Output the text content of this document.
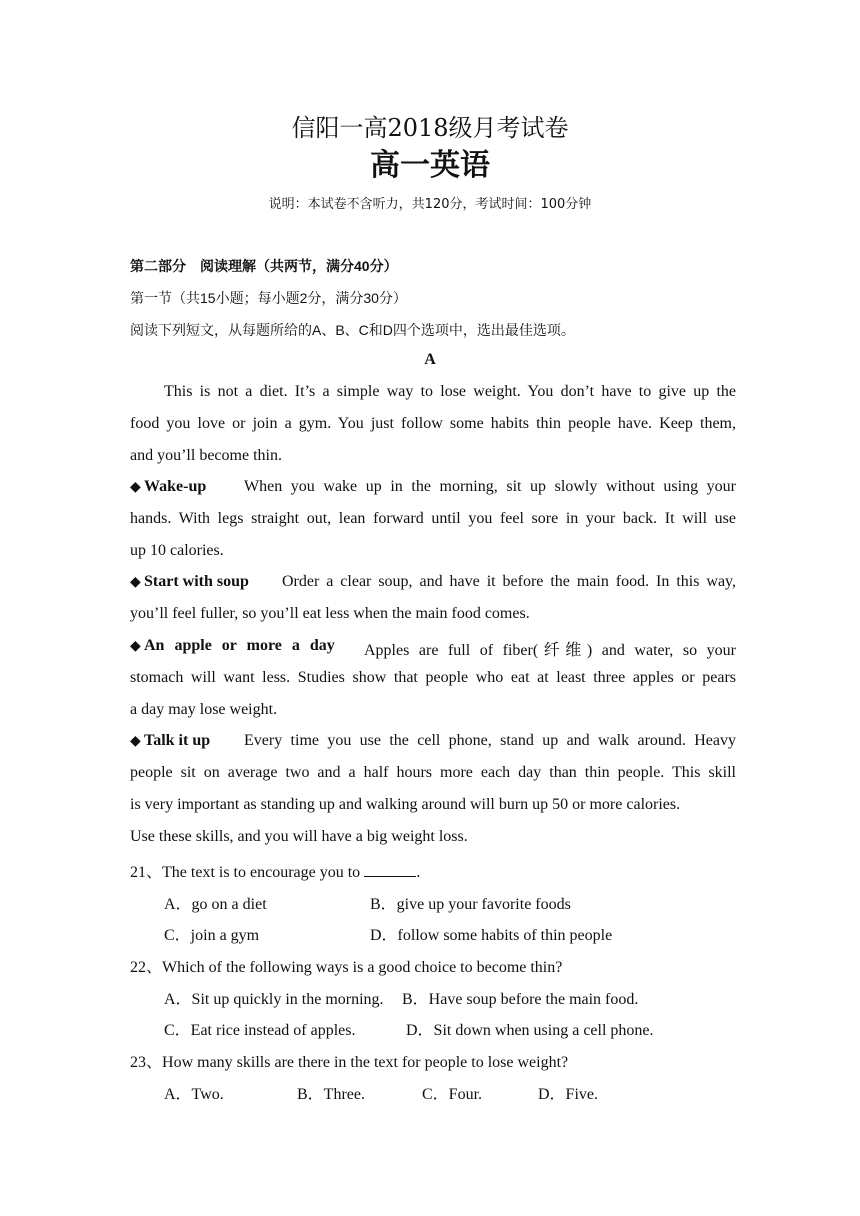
信阳一高2018级月考试卷
高一英语
说明：本试卷不含听力，共120分，考试时间：100分钟
第二部分　阅读理解（共两节，满分40分）
第一节（共15小题；每小题2分，满分30分）
阅读下列短文，从每题所给的A、B、C和D四个选项中，选出最佳选项。
A
This is not a diet. It’s a simple way to lose weight. You don’t have to give up the
food you love or join a gym. You just follow some habits thin people have. Keep them,
and you’ll become thin.
◆ Wake-up When you wake up in the morning, sit up slowly without using your
hands. With legs straight out, lean forward until you feel sore in your back. It will use
up 10 calories.
◆ Start with soup Order a clear soup, and have it before the main food. In this way,
you’ll feel fuller, so you’ll eat less when the main food comes.
◆ An apple or more a day Apples are full of fiber(纤维) and water, so your
stomach will want less. Studies show that people who eat at least three apples or pears
a day may lose weight.
◆ Talk it up Every time you use the cell phone, stand up and walk around. Heavy
people sit on average two and a half hours more each day than thin people. This skill
is very important as standing up and walking around will burn up 50 or more calories.
Use these skills, and you will have a big weight loss.
21、The text is to encourage you to	.
A．go on a diet	B．give up your favorite foods
C．join a gym	D．follow some habits of thin people
22、Which of the following ways is a good choice to become thin?
A．Sit up quickly in the morning. B．Have soup before the main food.
C．Eat rice instead of apples.	D．Sit down when using a cell phone.
23、How many skills are there in the text for people to lose weight?
A．Two.	B．Three.	C．Four.	D．Five.
